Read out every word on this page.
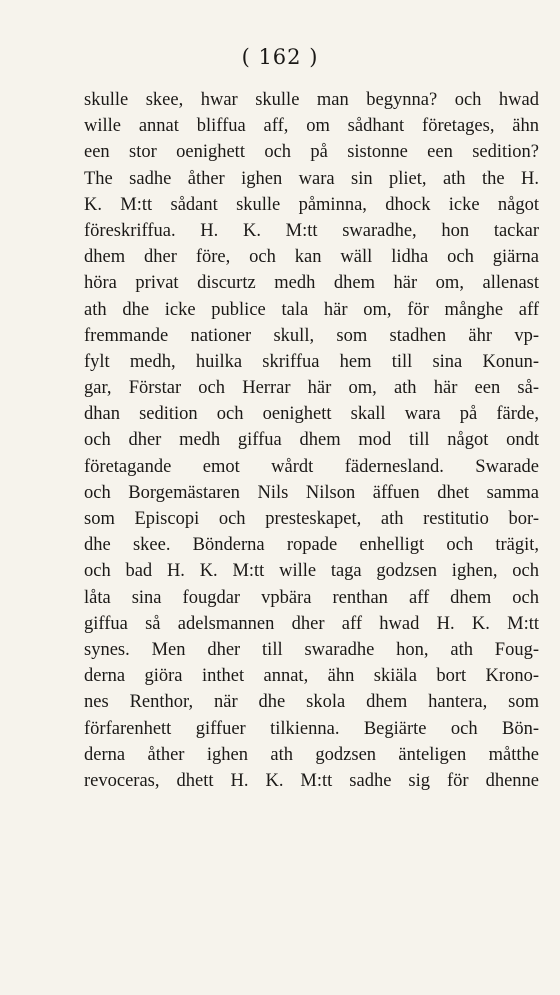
( 162 )
skulle skee, hwar skulle man begynna? och hwad
wille annat bliffua aff, om sådhant företages, ähn
een stor oenighett och på sistonne een sedition?
The sadhe åther ighen wara sin pliet, ath the H.
K. M:tt sådant skulle påminna, dhock icke något
föreskriffua. H. K. M:tt swaradhe, hon tackar
dhem dher före, och kan wäll lidha och giärna
höra privat discurtz medh dhem här om, allenast
ath dhe icke publice tala här om, för månghe aff
fremmande nationer skull, som stadhen ähr vp-
fylt medh, huilka skriffua hem till sina Konun-
gar, Förstar och Herrar här om, ath här een så-
dhan sedition och oenighett skall wara på färde,
och dher medh giffua dhem mod till något ondt
företagande emot wårdt fädernesland. Swarade
och Borgemästaren Nils Nilson äffuen dhet samma
som Episcopi och presteskapet, ath restitutio bor-
dhe skee. Bönderna ropade enhelligt och trägit,
och bad H. K. M:tt wille taga godzsen ighen, och
låta sina fougdar vpbära renthan aff dhem och
giffua så adelsmannen dher aff hwad H. K. M:tt
synes. Men dher till swaradhe hon, ath Foug-
derna giöra inthet annat, ähn skiäla bort Krono-
nes Renthor, när dhe skola dhem hantera, som
förfarenhett giffuer tilkienna. Begiärte och Bön-
derna åther ighen ath godzsen änteligen måtthe
revoceras, dhett H. K. M:tt sadhe sig för dhenne
